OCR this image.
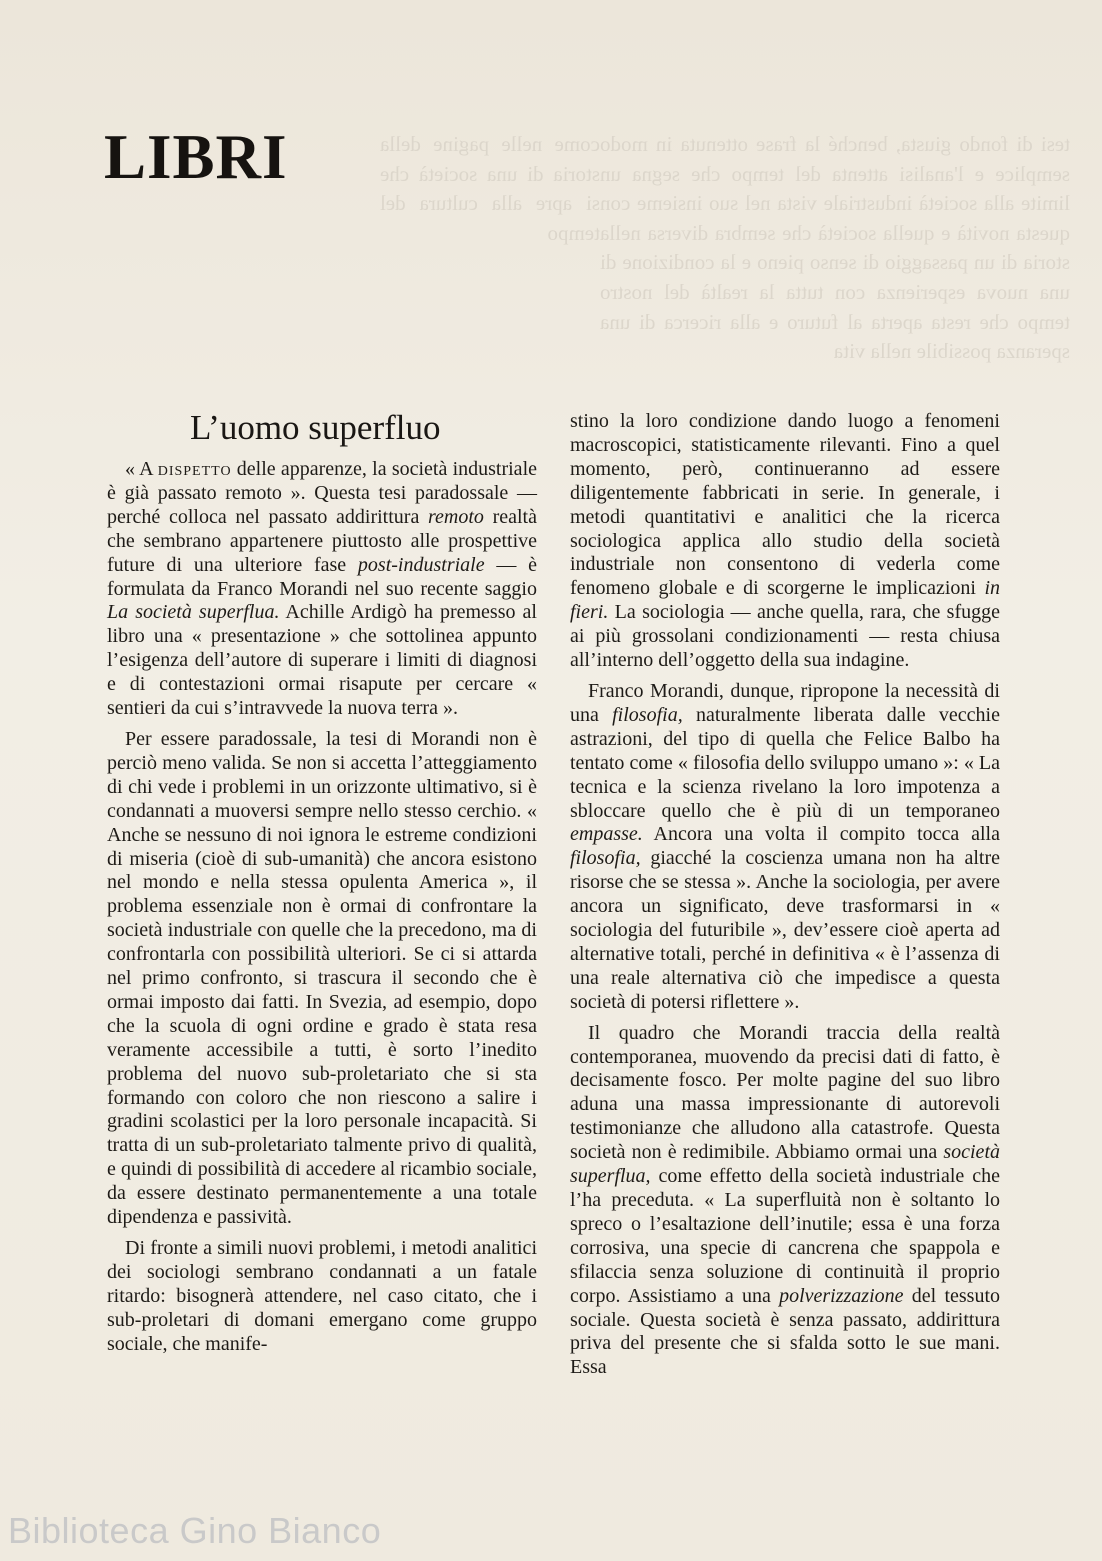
tesi di fondo giusta, benché la frase ottenuta in modo semplice e l'analisi attenta del tempo che segna un limite alla società industriale vista nel suo insieme con questa novità e quella società che sembra diversa nella storia di un passaggio di senso pieno e la condizione di una nuova esperienza con tutta la realtà del nostro tempo che resta aperta al futuro e alla ricerca di una speranza possibile nella vita
come nelle pagine della storia di una società che si apre alla cultura del tempo
LIBRI
L’uomo superfluo

« A dispetto delle apparenze, la società industriale è già passato remoto ». Questa tesi paradossale — perché colloca nel passato addirittura remoto realtà che sembrano appartenere piuttosto alle prospettive future di una ulteriore fase post-industriale — è formulata da Franco Morandi nel suo recente saggio La società superflua. Achille Ardigò ha premesso al libro una « presentazione » che sottolinea appunto l’esigenza dell’autore di superare i limiti di diagnosi e di contestazioni ormai risapute per cercare « sentieri da cui s’intravvede la nuova terra ».

Per essere paradossale, la tesi di Morandi non è perciò meno valida. Se non si accetta l’atteggiamento di chi vede i problemi in un orizzonte ultimativo, si è condannati a muoversi sempre nello stesso cerchio. « Anche se nessuno di noi ignora le estreme condizioni di miseria (cioè di sub-umanità) che ancora esistono nel mondo e nella stessa opulenta America », il problema essenziale non è ormai di confrontare la società industriale con quelle che la precedono, ma di confrontarla con possibilità ulteriori. Se ci si attarda nel primo confronto, si trascura il secondo che è ormai imposto dai fatti. In Svezia, ad esempio, dopo che la scuola di ogni ordine e grado è stata resa veramente accessibile a tutti, è sorto l’inedito problema del nuovo sub-proletariato che si sta formando con coloro che non riescono a salire i gradini scolastici per la loro personale incapacità. Si tratta di un sub-proletariato talmente privo di qualità, e quindi di possibilità di accedere al ricambio sociale, da essere destinato permanentemente a una totale dipendenza e passività.

Di fronte a simili nuovi problemi, i metodi analitici dei sociologi sembrano condannati a un fatale ritardo: bisognerà attendere, nel caso citato, che i sub-proletari di domani emergano come gruppo sociale, che manife-

stino la loro condizione dando luogo a fenomeni macroscopici, statisticamente rilevanti. Fino a quel momento, però, continueranno ad essere diligentemente fabbricati in serie. In generale, i metodi quantitativi e analitici che la ricerca sociologica applica allo studio della società industriale non consentono di vederla come fenomeno globale e di scorgerne le implicazioni in fieri. La sociologia — anche quella, rara, che sfugge ai più grossolani condizionamenti — resta chiusa all’interno dell’oggetto della sua indagine.

Franco Morandi, dunque, ripropone la necessità di una filosofia, naturalmente liberata dalle vecchie astrazioni, del tipo di quella che Felice Balbo ha tentato come « filosofia dello sviluppo umano »: « La tecnica e la scienza rivelano la loro impotenza a sbloccare quello che è più di un temporaneo empasse. Ancora una volta il compito tocca alla filosofia, giacché la coscienza umana non ha altre risorse che se stessa ». Anche la sociologia, per avere ancora un significato, deve trasformarsi in « sociologia del futuribile », dev’essere cioè aperta ad alternative totali, perché in definitiva « è l’assenza di una reale alternativa ciò che impedisce a questa società di potersi riflettere ».

Il quadro che Morandi traccia della realtà contemporanea, muovendo da precisi dati di fatto, è decisamente fosco. Per molte pagine del suo libro aduna una massa impressionante di autorevoli testimonianze che alludono alla catastrofe. Questa società non è redimibile. Abbiamo ormai una società superflua, come effetto della società industriale che l’ha preceduta. « La superfluità non è soltanto lo spreco o l’esaltazione dell’inutile; essa è una forza corrosiva, una specie di cancrena che spappola e sfilaccia senza soluzione di continuità il proprio corpo. Assistiamo a una polverizzazione del tessuto sociale. Questa società è senza passato, addirittura priva del presente che si sfalda sotto le sue mani. Essa

Biblioteca Gino Bianco
